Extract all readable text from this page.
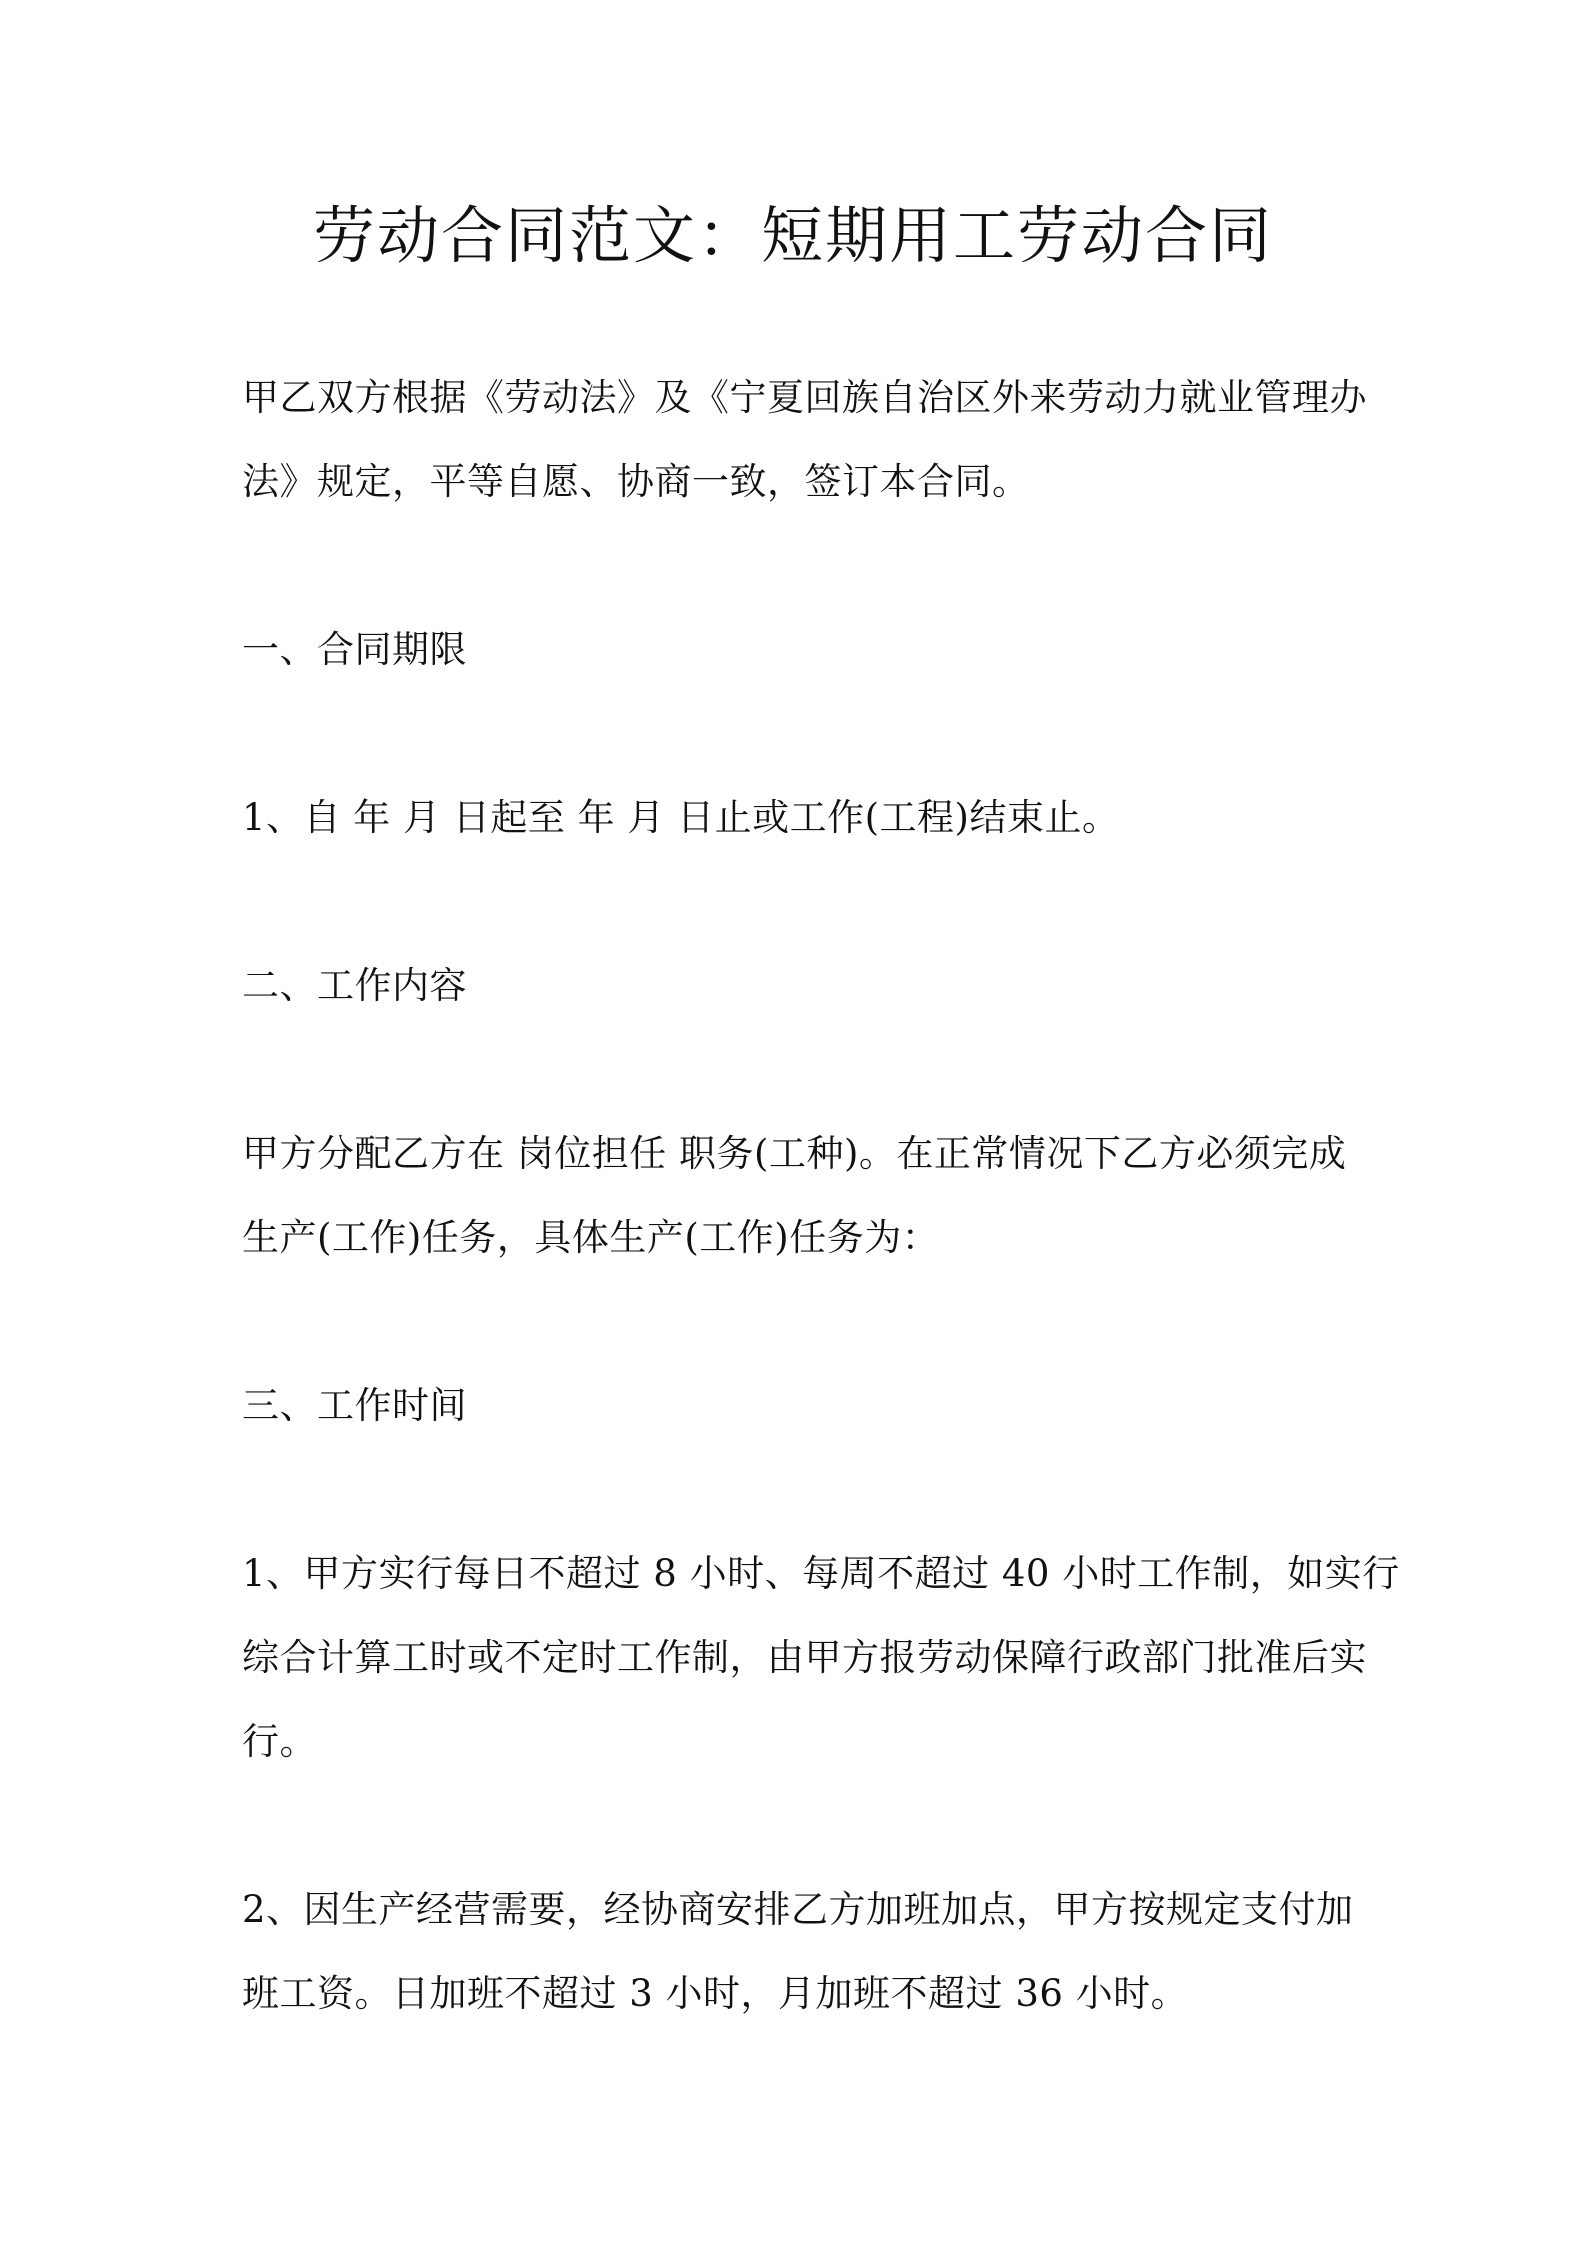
劳动合同范文：短期用工劳动合同
甲乙双方根据《劳动法》及《宁夏回族自治区外来劳动力就业管理办
法》规定，平等自愿、协商一致，签订本合同。
一、合同期限
1、自 年 月 日起至 年 月 日止或工作(工程)结束止。
二、工作内容
甲方分配乙方在 岗位担任 职务(工种)。在正常情况下乙方必须完成
生产(工作)任务，具体生产(工作)任务为：
三、工作时间
1、甲方实行每日不超过 8 小时、每周不超过 40 小时工作制，如实行
综合计算工时或不定时工作制，由甲方报劳动保障行政部门批准后实
行。
2、因生产经营需要，经协商安排乙方加班加点，甲方按规定支付加
班工资。日加班不超过 3 小时，月加班不超过 36 小时。
